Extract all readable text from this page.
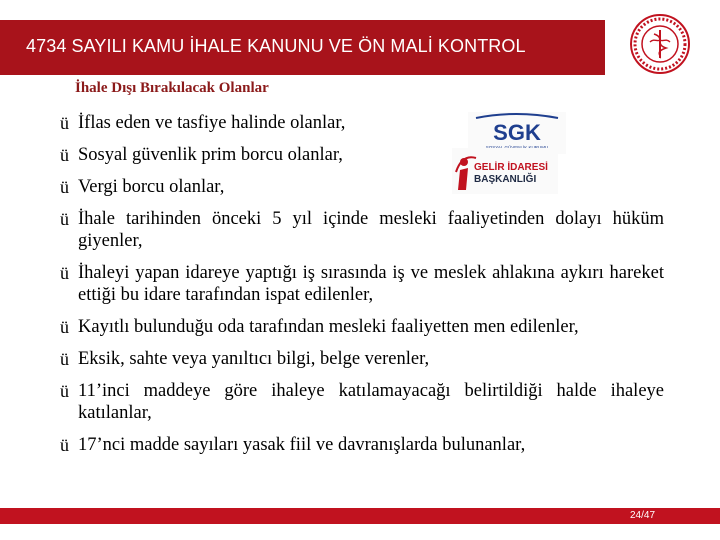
4734 SAYILI KAMU İHALE KANUNU VE ÖN MALİ KONTROL
İhale Dışı Bırakılacak Olanlar
SGK
SOSYAL GÜVENLİK KURUMU
GELİR İDARESİ
BAŞKANLIĞI
ü İflas eden ve tasfiye halinde olanlar,
ü Sosyal güvenlik prim borcu olanlar,
ü Vergi borcu olanlar,
ü İhale tarihinden önceki 5 yıl içinde mesleki faaliyetinden dolayı hüküm giyenler,
ü İhaleyi yapan idareye yaptığı iş sırasında iş ve meslek ahlakına aykırı hareket ettiği bu idare tarafından ispat edilenler,
ü Kayıtlı bulunduğu oda tarafından mesleki faaliyetten men edilenler,
ü Eksik, sahte veya yanıltıcı bilgi, belge verenler,
ü 11’inci maddeye göre ihaleye katılamayacağı belirtildiği halde ihaleye katılanlar,
ü 17’nci madde sayıları yasak fiil ve davranışlarda bulunanlar,
24/47
